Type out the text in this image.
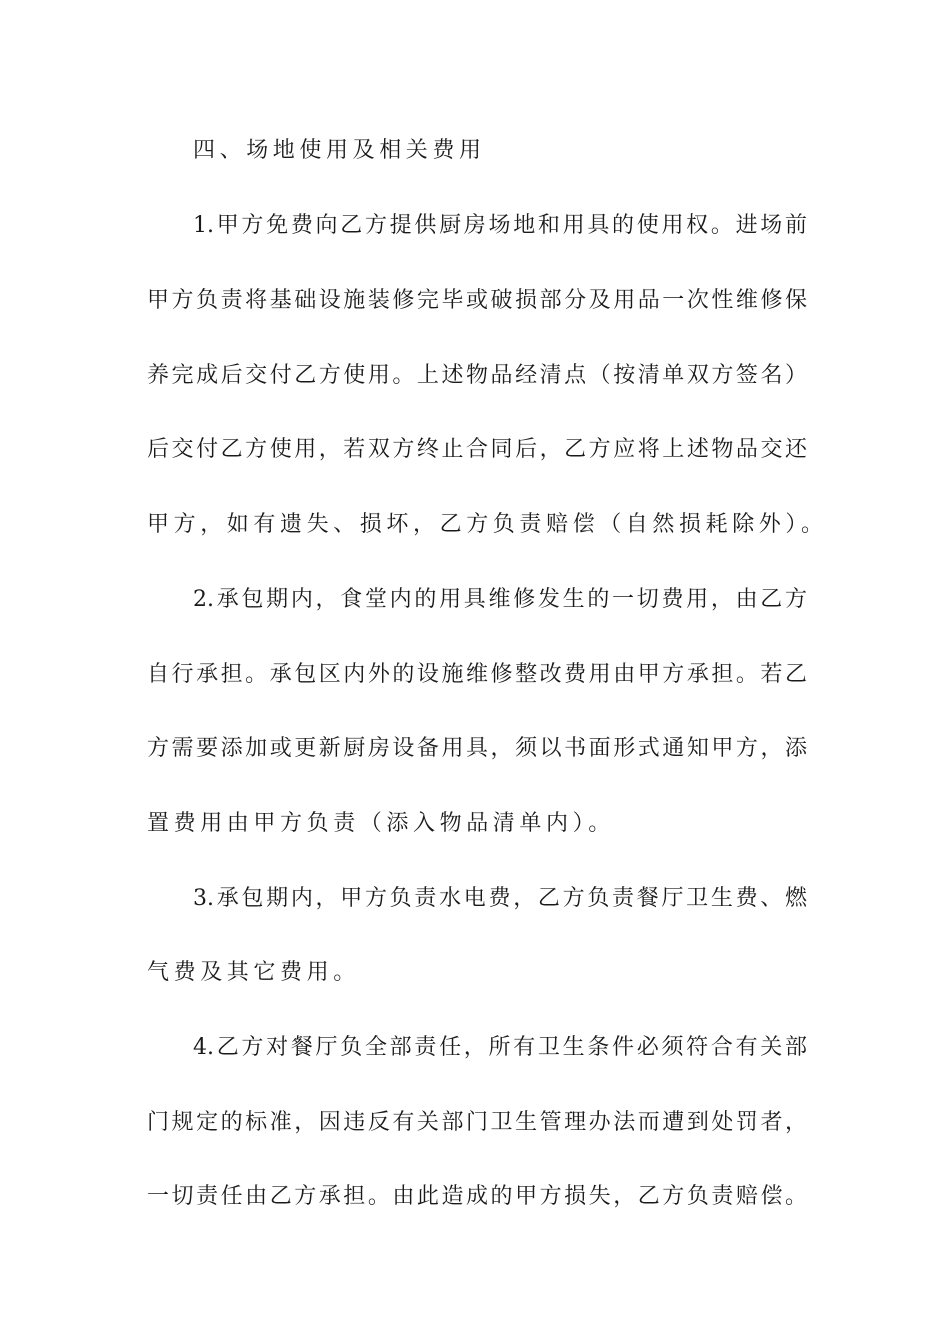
四、场地使用及相关费用
1.甲方免费向乙方提供厨房场地和用具的使用权。进场前
甲方负责将基础设施装修完毕或破损部分及用品一次性维修保
养完成后交付乙方使用。上述物品经清点（按清单双方签名）
后交付乙方使用，若双方终止合同后，乙方应将上述物品交还
甲方，如有遗失、损坏，乙方负责赔偿（自然损耗除外）。
2.承包期内，食堂内的用具维修发生的一切费用，由乙方
自行承担。承包区内外的设施维修整改费用由甲方承担。若乙
方需要添加或更新厨房设备用具，须以书面形式通知甲方，添
置费用由甲方负责（添入物品清单内）。
3.承包期内，甲方负责水电费，乙方负责餐厅卫生费、燃
气费及其它费用。
4.乙方对餐厅负全部责任，所有卫生条件必须符合有关部
门规定的标准，因违反有关部门卫生管理办法而遭到处罚者，
一切责任由乙方承担。由此造成的甲方损失，乙方负责赔偿。
